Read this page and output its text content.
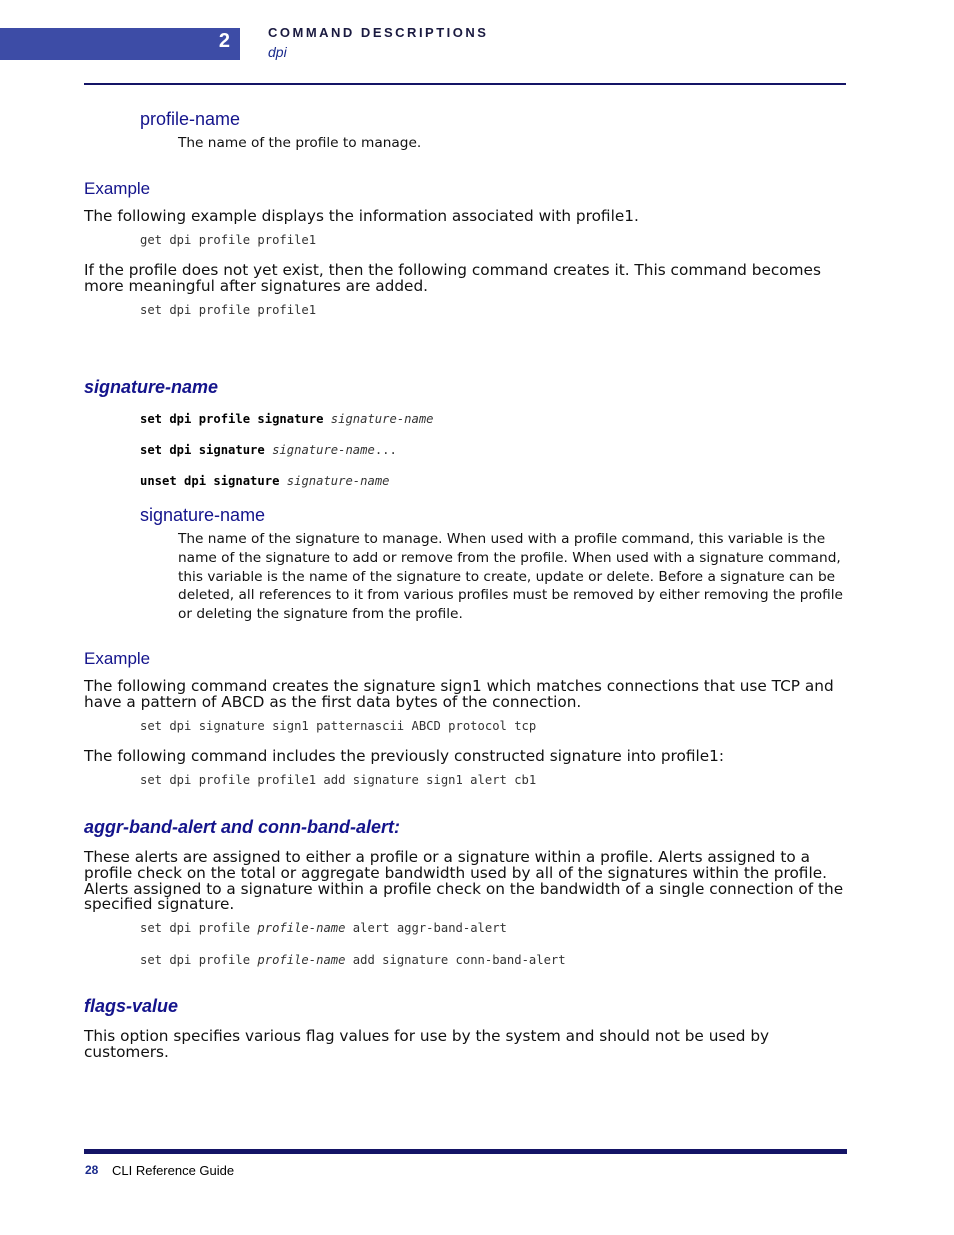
2	COMMAND DESCRIPTIONS
dpi
profile-name
The name of the profile to manage.
Example
The following example displays the information associated with profile1.
get dpi profile profile1
If the profile does not yet exist, then the following command creates it. This command becomes more meaningful after signatures are added.
set dpi profile profile1
signature-name
set dpi profile signature signature-name
set dpi signature signature-name...
unset dpi signature signature-name
signature-name
The name of the signature to manage. When used with a profile command, this variable is the name of the signature to add or remove from the profile. When used with a signature command, this variable is the name of the signature to create, update or delete. Before a signature can be deleted, all references to it from various profiles must be removed by either removing the profile or deleting the signature from the profile.
Example
The following command creates the signature sign1 which matches connections that use TCP and have a pattern of ABCD as the first data bytes of the connection.
set dpi signature sign1 patternascii ABCD protocol tcp
The following command includes the previously constructed signature into profile1:
set dpi profile profile1 add signature sign1 alert cb1
aggr-band-alert and conn-band-alert:
These alerts are assigned to either a profile or a signature within a profile. Alerts assigned to a profile check on the total or aggregate bandwidth used by all of the signatures within the profile. Alerts assigned to a signature within a profile check on the bandwidth of a single connection of the specified signature.
set dpi profile profile-name alert aggr-band-alert
set dpi profile profile-name add signature conn-band-alert
flags-value
This option specifies various flag values for use by the system and should not be used by customers.
28 CLI Reference Guide
